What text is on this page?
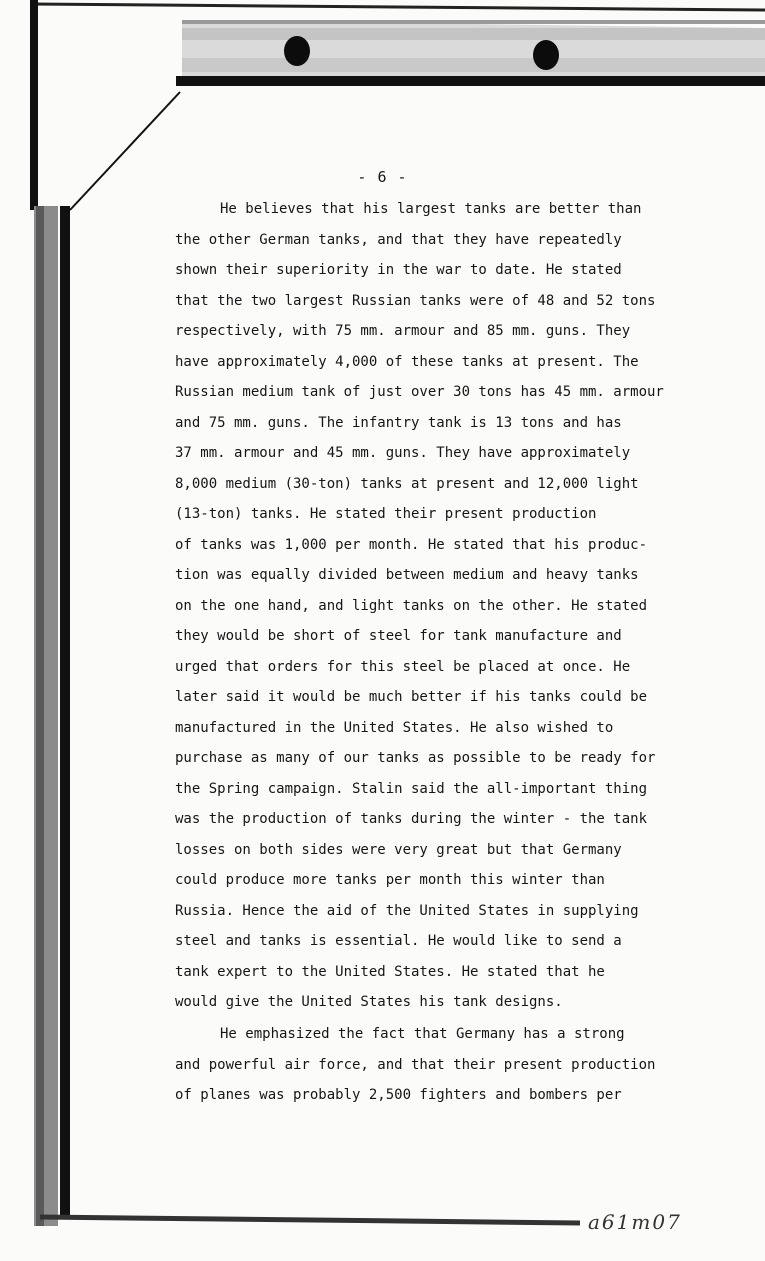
- 6 -
He believes that his largest tanks are better than
the other German tanks, and that they have repeatedly
shown their superiority in the war to date. He stated
that the two largest Russian tanks were of 48 and 52 tons
respectively, with 75 mm. armour and 85 mm. guns. They
have approximately 4,000 of these tanks at present. The
Russian medium tank of just over 30 tons has 45 mm. armour
and 75 mm. guns. The infantry tank is 13 tons and has
37 mm. armour and 45 mm. guns. They have approximately
8,000 medium (30-ton) tanks at present and 12,000 light
(13-ton) tanks. He stated their present production
of tanks was 1,000 per month. He stated that his produc-
tion was equally divided between medium and heavy tanks
on the one hand, and light tanks on the other. He stated
they would be short of steel for tank manufacture and
urged that orders for this steel be placed at once. He
later said it would be much better if his tanks could be
manufactured in the United States. He also wished to
purchase as many of our tanks as possible to be ready for
the Spring campaign. Stalin said the all-important thing
was the production of tanks during the winter - the tank
losses on both sides were very great but that Germany
could produce more tanks per month this winter than
Russia. Hence the aid of the United States in supplying
steel and tanks is essential. He would like to send a
tank expert to the United States. He stated that he
would give the United States his tank designs.
He emphasized the fact that Germany has a strong
and powerful air force, and that their present production
of planes was probably 2,500 fighters and bombers per
a61m07
